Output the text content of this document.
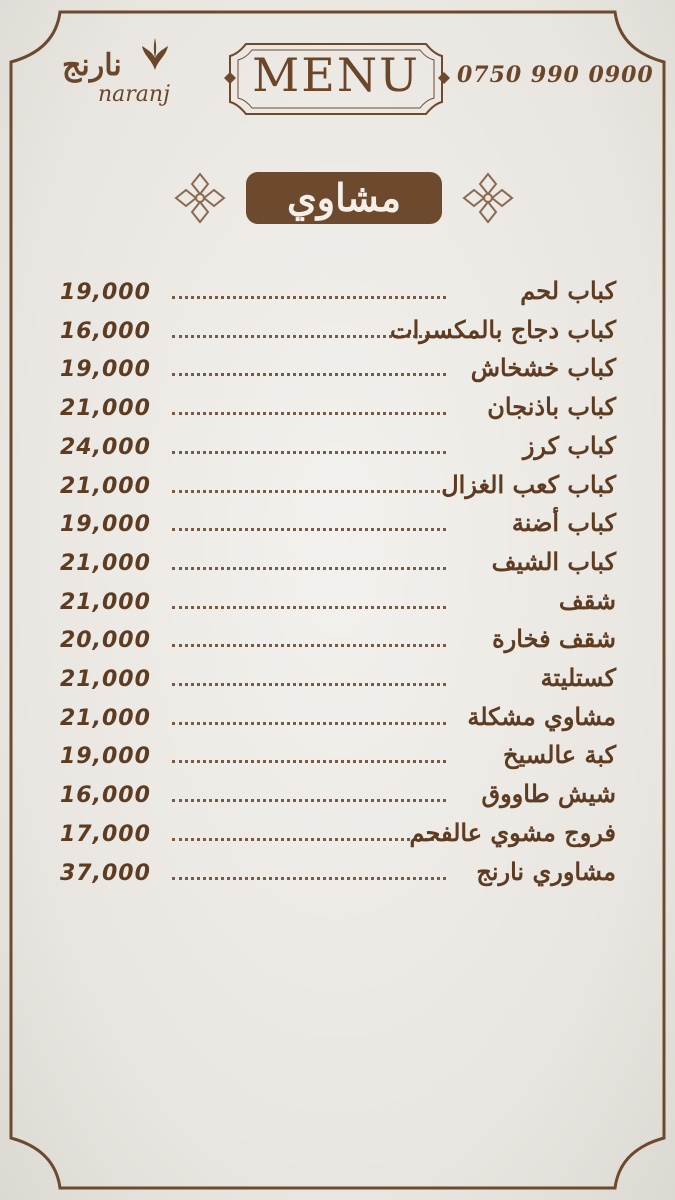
نارنج
naranj	MENU	0750 990 0900
مشاوي
19,000	كباب لحم
16,000	كباب دجاج بالمكسرات
19,000	كباب خشخاش
21,000	كباب باذنجان
24,000	كباب كرز
21,000	كباب كعب الغزال
19,000	كباب أضنة
21,000	كباب الشيف
21,000	شقف
20,000	شقف فخارة
21,000	كستليتة
21,000	مشاوي مشكلة
19,000	كبة عالسيخ
16,000	شيش طاووق
17,000	فروج مشوي عالفحم
37,000	مشاوري نارنج
